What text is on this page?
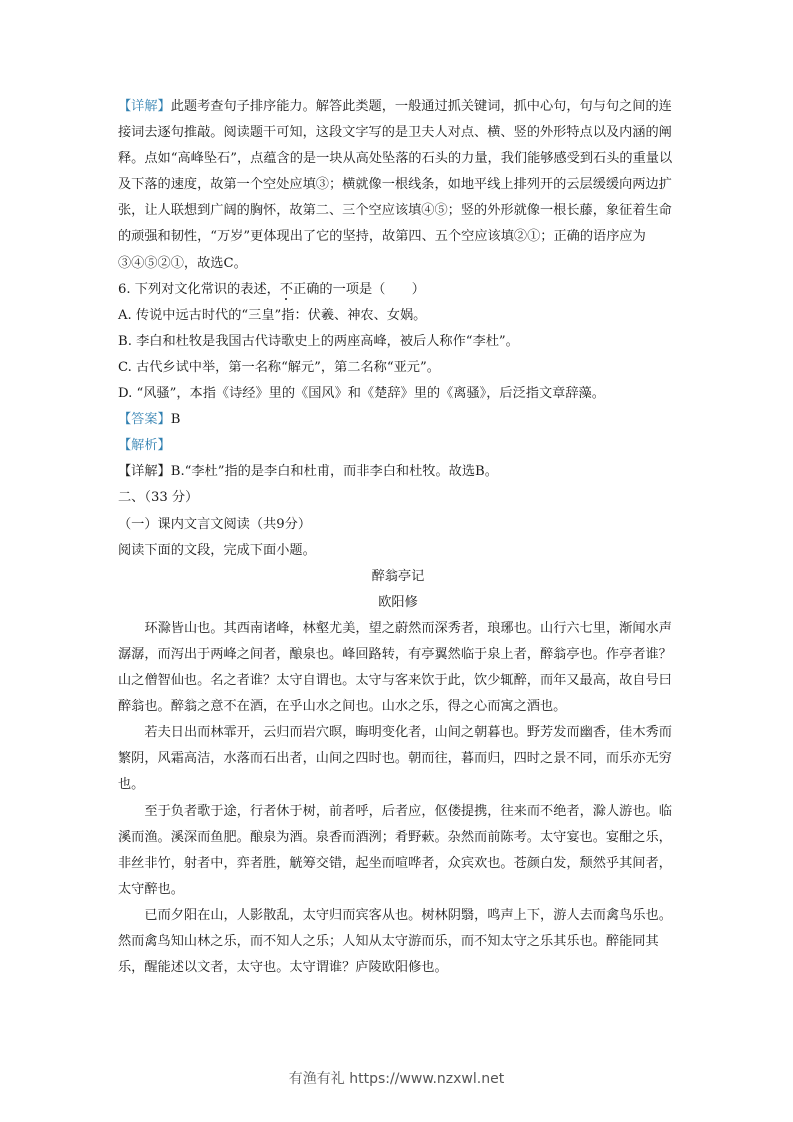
【详解】此题考查句子排序能力。解答此类题，一般通过抓关键词，抓中心句，句与句之间的连接词去逐句推敲。阅读题干可知，这段文字写的是卫夫人对点、横、竖的外形特点以及内涵的阐释。点如“高峰坠石”，点蕴含的是一块从高处坠落的石头的力量，我们能够感受到石头的重量以及下落的速度，故第一个空处应填③；横就像一根线条，如地平线上排列开的云层缓缓向两边扩张，让人联想到广阔的胸怀，故第二、三个空应该填④⑤；竖的外形就像一根长藤，象征着生命的顽强和韧性，“万岁”更体现出了它的坚持，故第四、五个空应该填②①；正确的语序应为③④⑤②①，故选C。

6. 下列对文化常识的表述，不正确的一项是（　　）

A. 传说中远古时代的“三皇”指：伏羲、神农、女娲。

B. 李白和杜牧是我国古代诗歌史上的两座高峰，被后人称作“李杜”。

C. 古代乡试中举，第一名称“解元”，第二名称“亚元”。

D. “风骚”，本指《诗经》里的《国风》和《楚辞》里的《离骚》，后泛指文章辞藻。

【答案】B

【解析】

【详解】B.“李杜”指的是李白和杜甫，而非李白和杜牧。故选B。

二、（33 分）

（一）课内文言文阅读（共9分）

阅读下面的文段，完成下面小题。

醉翁亭记

欧阳修

环滁皆山也。其西南诸峰，林壑尤美，望之蔚然而深秀者，琅琊也。山行六七里，渐闻水声潺潺，而泻出于两峰之间者，酿泉也。峰回路转，有亭翼然临于泉上者，醉翁亭也。作亭者谁？山之僧智仙也。名之者谁？太守自谓也。太守与客来饮于此，饮少辄醉，而年又最高，故自号曰醉翁也。醉翁之意不在酒，在乎山水之间也。山水之乐，得之心而寓之酒也。

若夫日出而林霏开，云归而岩穴暝，晦明变化者，山间之朝暮也。野芳发而幽香，佳木秀而繁阴，风霜高洁，水落而石出者，山间之四时也。朝而往，暮而归，四时之景不同，而乐亦无穷也。

至于负者歌于途，行者休于树，前者呼，后者应，伛偻提携，往来而不绝者，滁人游也。临溪而渔。溪深而鱼肥。酿泉为酒。泉香而酒洌；肴野蔌。杂然而前陈考。太守宴也。宴酣之乐，非丝非竹，射者中，弈者胜，觥筹交错，起坐而喧哗者，众宾欢也。苍颜白发，颓然乎其间者，太守醉也。

已而夕阳在山，人影散乱，太守归而宾客从也。树林阴翳，鸣声上下，游人去而禽鸟乐也。然而禽鸟知山林之乐，而不知人之乐；人知从太守游而乐，而不知太守之乐其乐也。醉能同其乐，醒能述以文者，太守也。太守谓谁？庐陵欧阳修也。

有渔有礼 https://www.nzxwl.net
